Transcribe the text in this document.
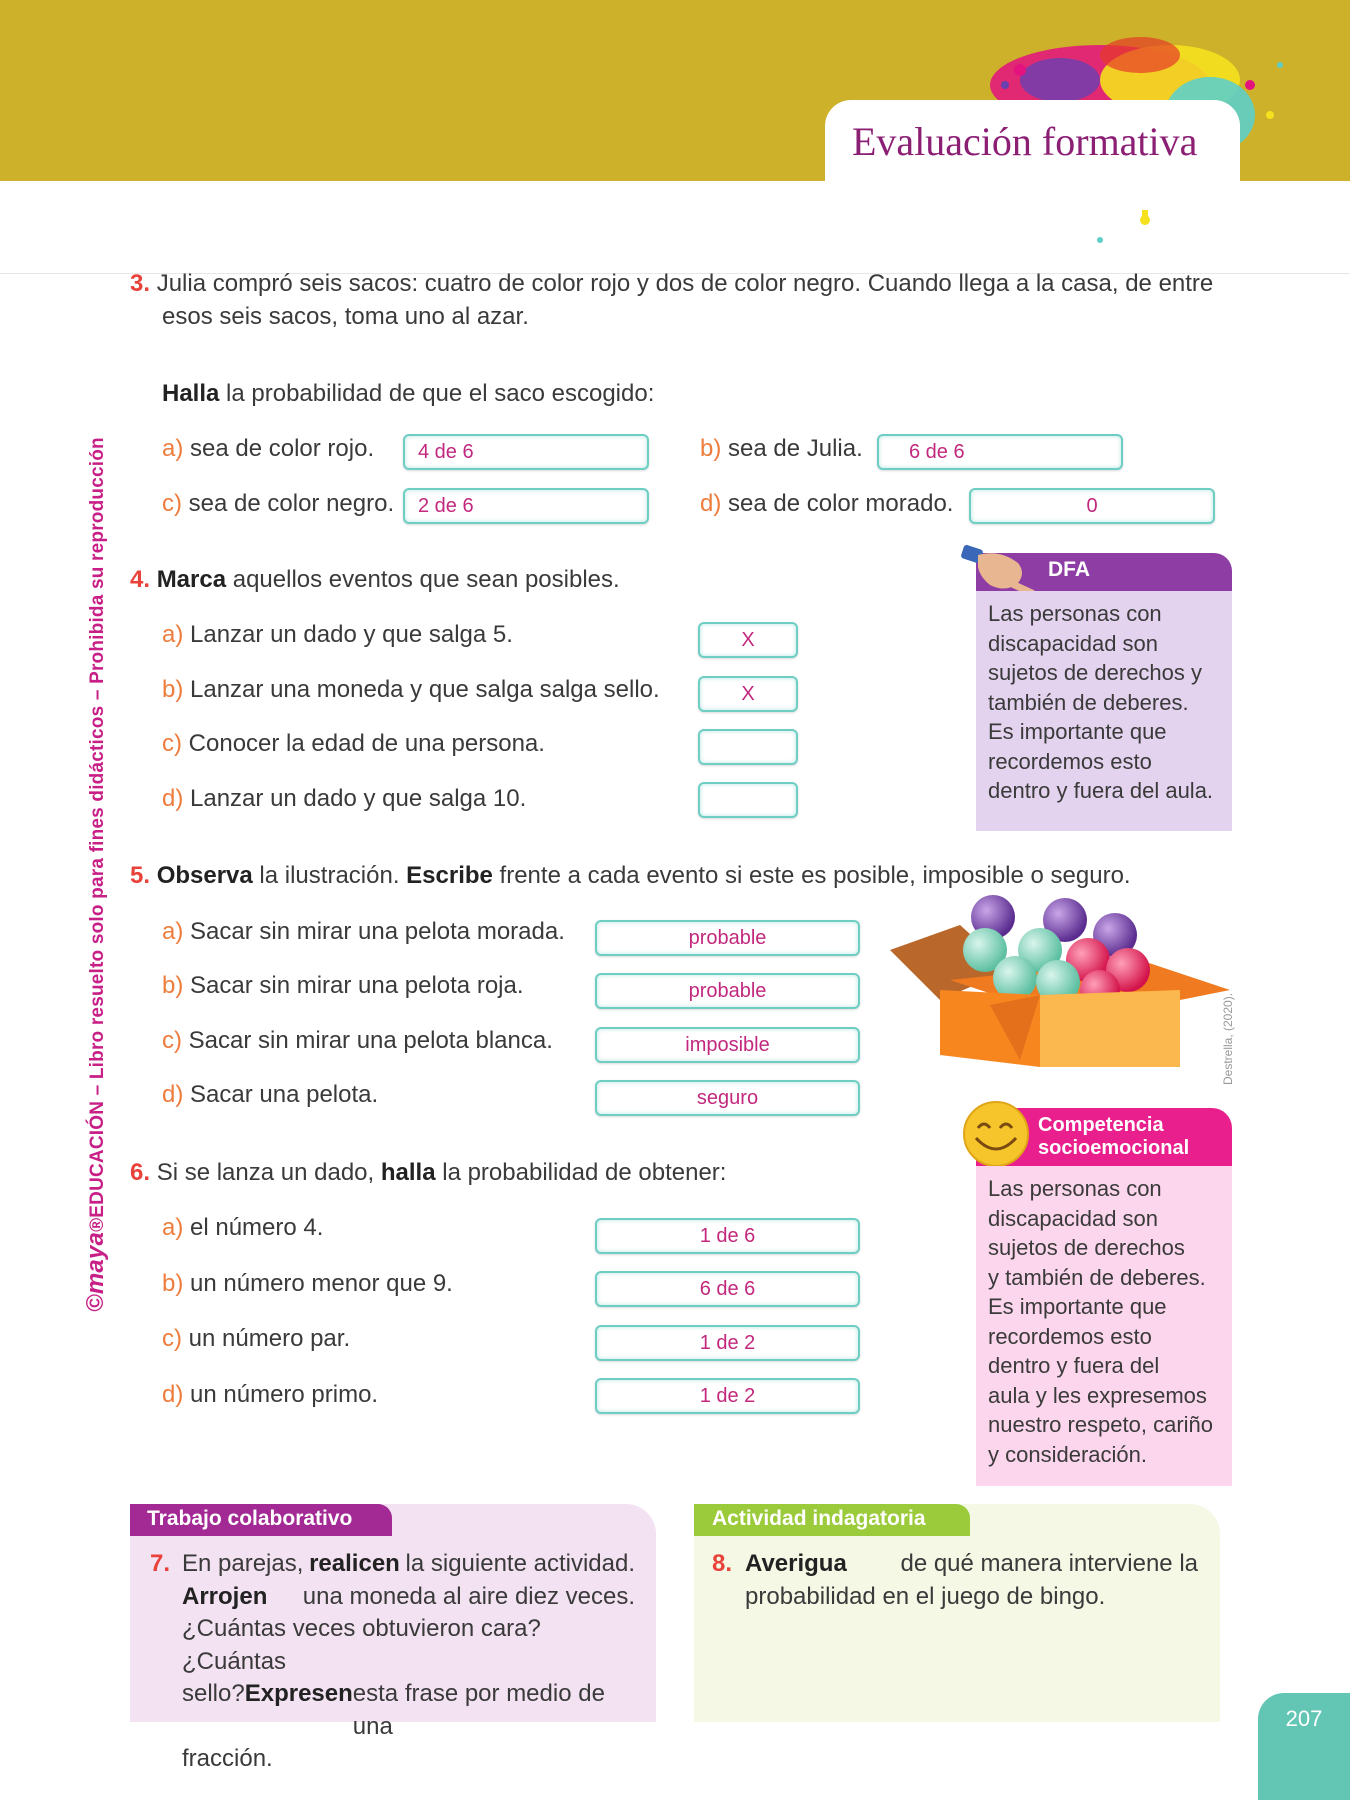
Evaluación formativa
©maya®EDUCACIÓN – Libro resuelto solo para fines didácticos – Prohibida su reproducción
3. Julia compró seis sacos: cuatro de color rojo y dos de color negro. Cuando llega a la casa, de entre
esos seis sacos, toma uno al azar.
Halla la probabilidad de que el saco escogido:
a) sea de color rojo.	4 de 6	b) sea de Julia.	6 de 6
c) sea de color negro.	2 de 6	d) sea de color morado.	0
4. Marca aquellos eventos que sean posibles.
a) Lanzar un dado y que salga 5.	X
b) Lanzar una moneda y que salga salga sello.	X
c) Conocer la edad de una persona.
d) Lanzar un dado y que salga 10.
DFA
Las personas con
discapacidad son
sujetos de derechos y
también de deberes.
Es importante que
recordemos esto
dentro y fuera del aula.
5. Observa la ilustración. Escribe frente a cada evento si este es posible, imposible o seguro.
a) Sacar sin mirar una pelota morada.	probable
b) Sacar sin mirar una pelota roja.	probable
c) Sacar sin mirar una pelota blanca.	imposible
d) Sacar una pelota.	seguro
Destrella, (2020).
Competencia
socioemocional
Las personas con
discapacidad son
sujetos de derechos
y también de deberes.
Es importante que
recordemos esto
dentro y fuera del
aula y les expresemos
nuestro respeto, cariño
y consideración.
6. Si se lanza un dado, halla la probabilidad de obtener:
a) el número 4.	1 de 6
b) un número menor que 9.	6 de 6
c) un número par.	1 de 2
d) un número primo.	1 de 2
Trabajo colaborativo
7. En parejas, realicen la siguiente actividad.
Arrojen una moneda al aire diez veces.
¿Cuántas veces obtuvieron cara? ¿Cuántas
sello? Expresen esta frase por medio de una
fracción.
Actividad indagatoria
8. Averigua de qué manera interviene la
probabilidad en el juego de bingo.
207
